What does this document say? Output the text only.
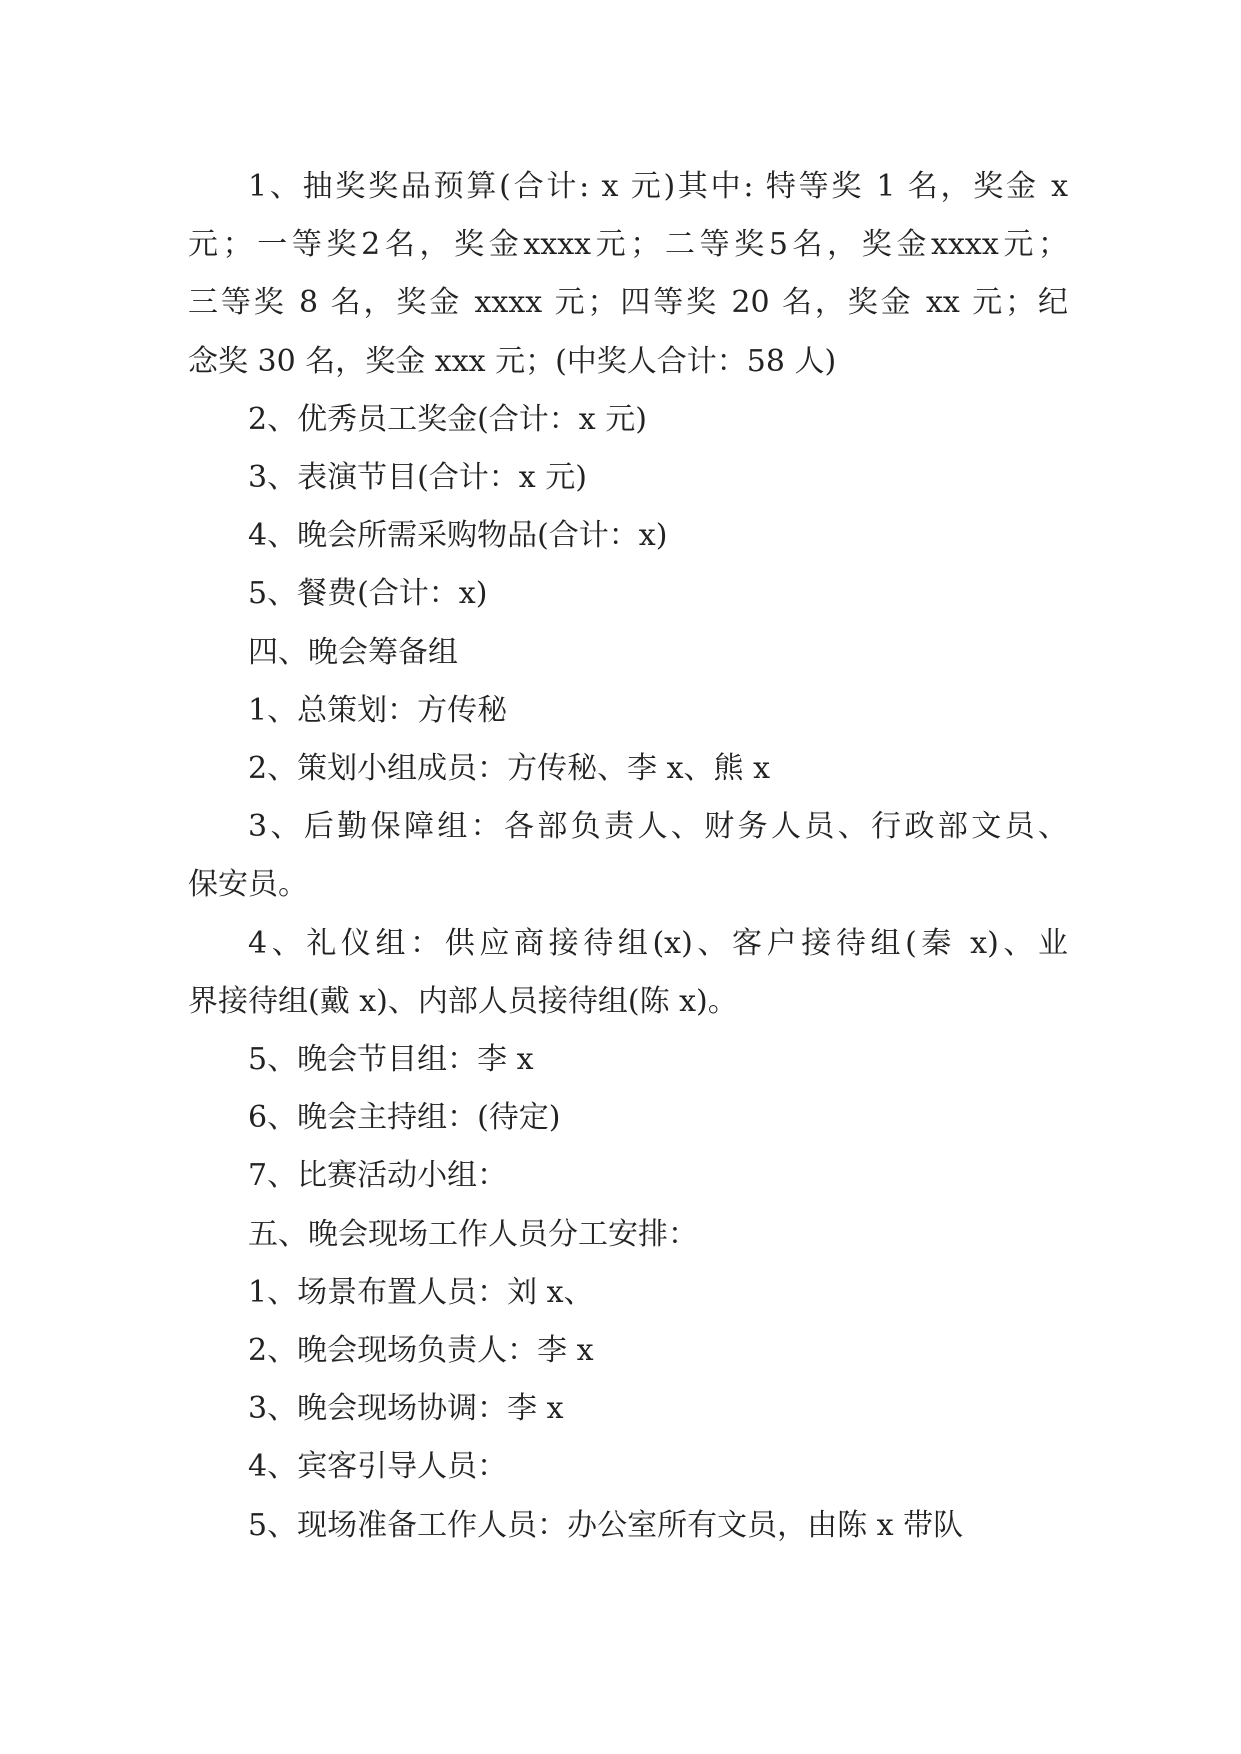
1、抽奖奖品预算(合计: x 元)其中: 特等奖 1 名，奖金 x
元；一等奖2名，奖金xxxx元；二等奖5名，奖金xxxx元；
三等奖 8 名，奖金 xxxx 元；四等奖 20 名，奖金 xx 元；纪
念奖 30 名，奖金 xxx 元；(中奖人合计：58 人)
2、优秀员工奖金(合计：x 元)
3、表演节目(合计：x 元)
4、晚会所需采购物品(合计：x)
5、餐费(合计：x)
四、晚会筹备组
1、总策划：方传秘
2、策划小组成员：方传秘、李 x、熊 x
3、后勤保障组：各部负责人、财务人员、行政部文员、
保安员。
4、礼仪组：供应商接待组(x)、客户接待组(秦 x)、业
界接待组(戴 x)、内部人员接待组(陈 x)。
5、晚会节目组：李 x
6、晚会主持组：(待定)
7、比赛活动小组：
五、晚会现场工作人员分工安排：
1、场景布置人员：刘 x、
2、晚会现场负责人：李 x
3、晚会现场协调：李 x
4、宾客引导人员：
5、现场准备工作人员：办公室所有文员，由陈 x 带队
